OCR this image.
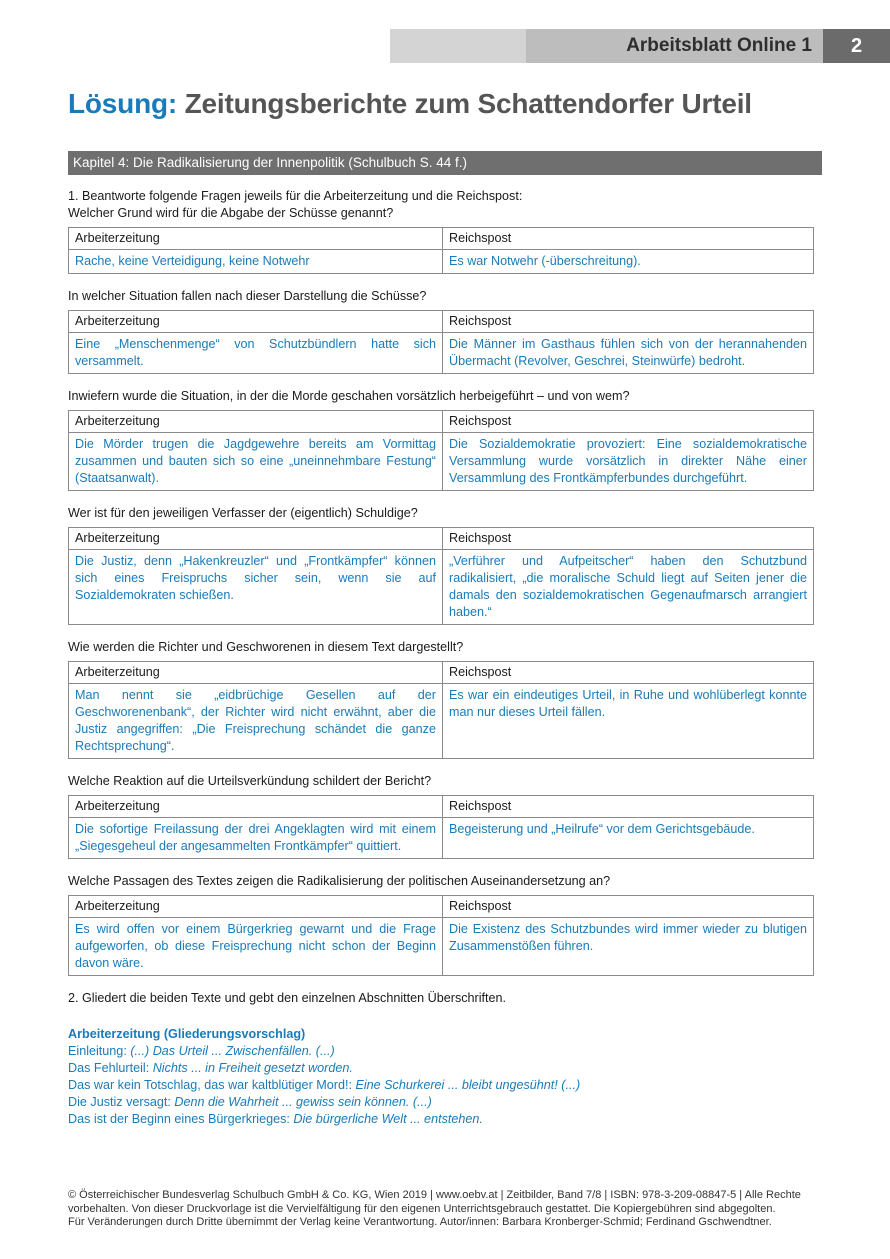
Arbeitsblatt Online 1	2
Lösung: Zeitungsberichte zum Schattendorfer Urteil
Kapitel 4: Die Radikalisierung der Innenpolitik (Schulbuch S. 44 f.)
1. Beantworte folgende Fragen jeweils für die Arbeiterzeitung und die Reichspost:
Welcher Grund wird für die Abgabe der Schüsse genannt?
Arbeiterzeitung	Reichspost
Rache, keine Verteidigung, keine Notwehr	Es war Notwehr (-überschreitung).
In welcher Situation fallen nach dieser Darstellung die Schüsse?
Arbeiterzeitung	Reichspost
Eine „Menschenmenge“ von Schutzbündlern hatte sich versammelt.	Die Männer im Gasthaus fühlen sich von der herannahenden Übermacht (Revolver, Geschrei, Steinwürfe) bedroht.
Inwiefern wurde die Situation, in der die Morde geschahen vorsätzlich herbeigeführt – und von wem?
Arbeiterzeitung	Reichspost
Die Mörder trugen die Jagdgewehre bereits am Vormittag zusammen und bauten sich so eine „uneinnehmbare Festung“ (Staatsanwalt).	Die Sozialdemokratie provoziert: Eine sozialdemokratische Versammlung wurde vorsätzlich in direkter Nähe einer Versammlung des Frontkämpferbundes durchgeführt.
Wer ist für den jeweiligen Verfasser der (eigentlich) Schuldige?
Arbeiterzeitung	Reichspost
Die Justiz, denn „Hakenkreuzler“ und „Frontkämpfer“ können sich eines Freispruchs sicher sein, wenn sie auf Sozialdemokraten schießen.	„Verführer und Aufpeitscher“ haben den Schutzbund radikalisiert, „die moralische Schuld liegt auf Seiten jener die damals den sozialdemokratischen Gegenaufmarsch arrangiert haben.“
Wie werden die Richter und Geschworenen in diesem Text dargestellt?
Arbeiterzeitung	Reichspost
Man nennt sie „eidbrüchige Gesellen auf der Geschworenenbank“, der Richter wird nicht erwähnt, aber die Justiz angegriffen: „Die Freisprechung schändet die ganze Rechtsprechung“.	Es war ein eindeutiges Urteil, in Ruhe und wohlüberlegt konnte man nur dieses Urteil fällen.
Welche Reaktion auf die Urteilsverkündung schildert der Bericht?
Arbeiterzeitung	Reichspost
Die sofortige Freilassung der drei Angeklagten wird mit einem „Siegesgeheul der angesammelten Frontkämpfer“ quittiert.	Begeisterung und „Heilrufe“ vor dem Gerichtsgebäude.
Welche Passagen des Textes zeigen die Radikalisierung der politischen Auseinandersetzung an?
Arbeiterzeitung	Reichspost
Es wird offen vor einem Bürgerkrieg gewarnt und die Frage aufgeworfen, ob diese Freisprechung nicht schon der Beginn davon wäre.	Die Existenz des Schutzbundes wird immer wieder zu blutigen Zusammenstößen führen.
2. Gliedert die beiden Texte und gebt den einzelnen Abschnitten Überschriften.
Arbeiterzeitung (Gliederungsvorschlag)
Einleitung: (...) Das Urteil ... Zwischenfällen. (...)
Das Fehlurteil: Nichts ... in Freiheit gesetzt worden.
Das war kein Totschlag, das war kaltblütiger Mord!: Eine Schurkerei ... bleibt ungesühnt! (...)
Die Justiz versagt: Denn die Wahrheit ... gewiss sein können. (...)
Das ist der Beginn eines Bürgerkrieges: Die bürgerliche Welt ... entstehen.
© Österreichischer Bundesverlag Schulbuch GmbH & Co. KG, Wien 2019 | www.oebv.at | Zeitbilder, Band 7/8 | ISBN: 978-3-209-08847-5 | Alle Rechte
vorbehalten. Von dieser Druckvorlage ist die Vervielfältigung für den eigenen Unterrichtsgebrauch gestattet. Die Kopiergebühren sind abgegolten.
Für Veränderungen durch Dritte übernimmt der Verlag keine Verantwortung. Autor/innen: Barbara Kronberger-Schmid; Ferdinand Gschwendtner.
